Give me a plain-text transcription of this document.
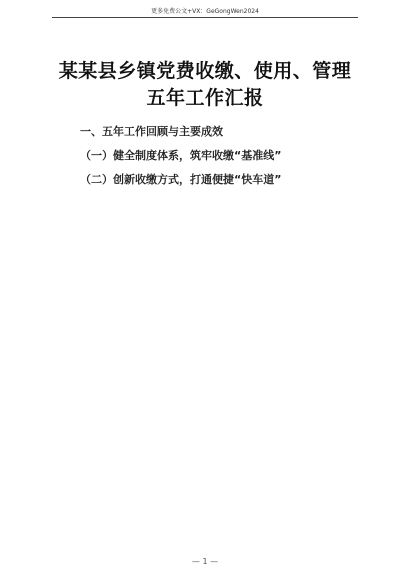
更多免费公文+VX：GeGongWen2024
某某县乡镇党费收缴、使用、管理五年工作汇报

一、五年工作回顾与主要成效

（一）健全制度体系，筑牢收缴“基准线”

（二）创新收缴方式，打通便捷“快车道”

— 1 —
